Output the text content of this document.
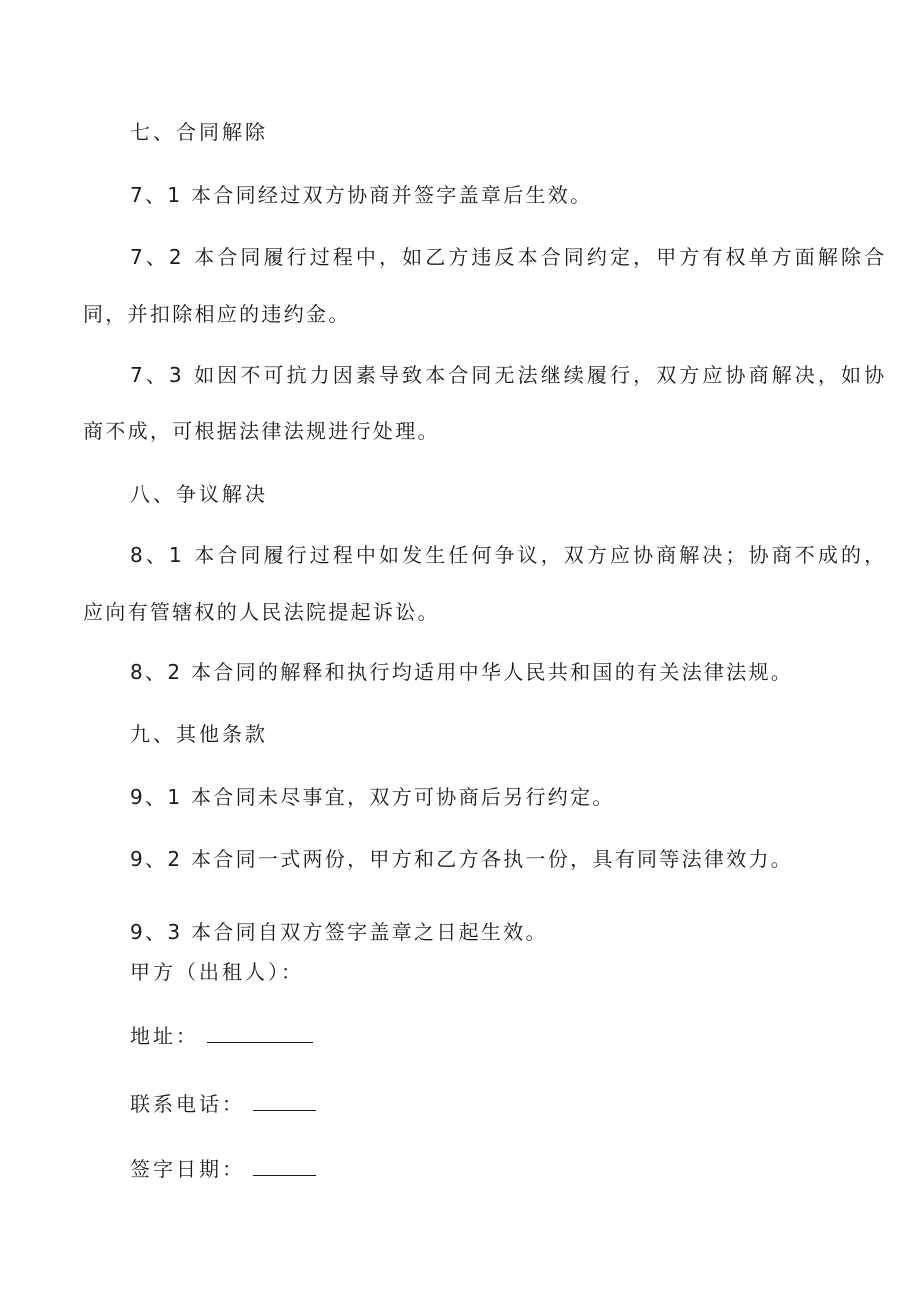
七、合同解除

7、1 本合同经过双方协商并签字盖章后生效。

7、2 本合同履行过程中，如乙方违反本合同约定，甲方有权单方面解除合

同，并扣除相应的违约金。

7、3 如因不可抗力因素导致本合同无法继续履行，双方应协商解决，如协

商不成，可根据法律法规进行处理。

八、争议解决

8、1 本合同履行过程中如发生任何争议，双方应协商解决；协商不成的，

应向有管辖权的人民法院提起诉讼。

8、2 本合同的解释和执行均适用中华人民共和国的有关法律法规。

九、其他条款

9、1 本合同未尽事宜，双方可协商后另行约定。

9、2 本合同一式两份，甲方和乙方各执一份，具有同等法律效力。

9、3 本合同自双方签字盖章之日起生效。

甲方（出租人）：

地址：
联系电话：
签字日期：
